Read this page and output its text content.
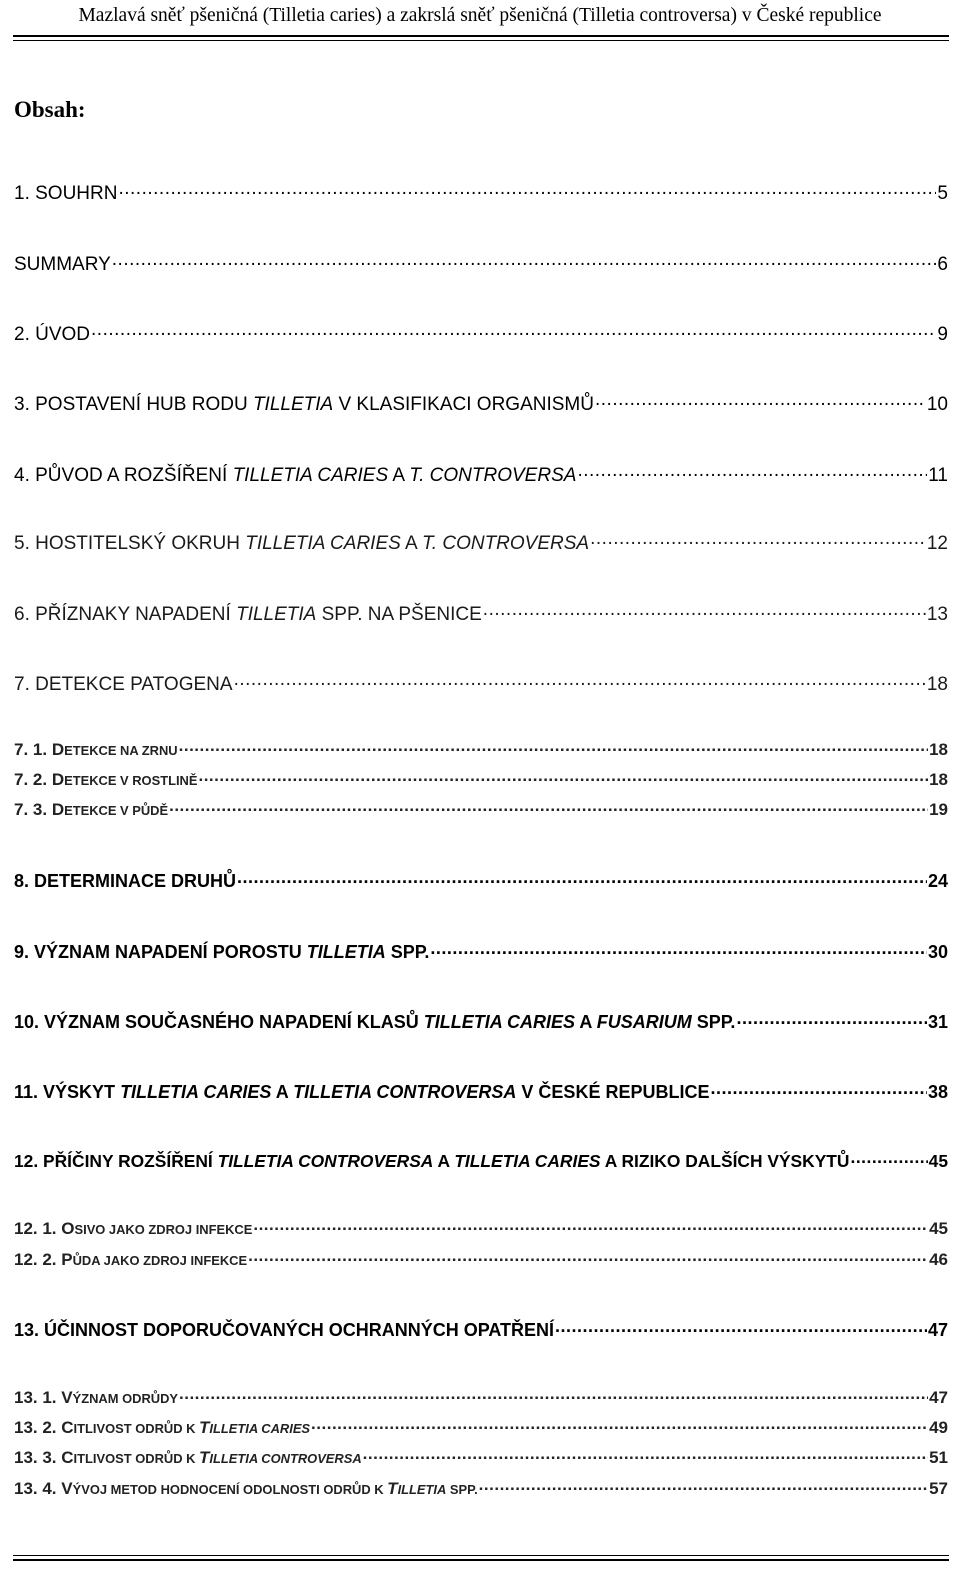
Mazlavá sněť pšeničná (Tilletia caries) a zakrslá sněť pšeničná (Tilletia controversa) v České republice
Obsah:
1. SOUHRN .....	5
SUMMARY .....	6
2. ÚVOD .....	9
3. POSTAVENÍ HUB RODU TILLETIA V KLASIFIKACI ORGANISMŮ .....	10
4. PŮVOD A ROZŠÍŘENÍ TILLETIA CARIES A T. CONTROVERSA .....	11
5. HOSTITELSKÝ OKRUH TILLETIA CARIES A T. CONTROVERSA .....	12
6. PŘÍZNAKY NAPADENÍ TILLETIA SPP. NA PŠENICE .....	13
7. DETEKCE PATOGENA .....	18
7. 1. DETEKCE NA ZRNU .....	18
7. 2. DETEKCE V ROSTLINĚ .....	18
7. 3. DETEKCE V PŮDĚ .....	19
8. DETERMINACE DRUHŮ .....	24
9. VÝZNAM NAPADENÍ POROSTU TILLETIA SPP. .....	30
10. VÝZNAM SOUČASNÉHO NAPADENÍ KLASŮ TILLETIA CARIES A FUSARIUM SPP. .....	31
11. VÝSKYT TILLETIA CARIES A TILLETIA CONTROVERSA V ČESKÉ REPUBLICE .....	38
12. PŘÍČINY ROZŠÍŘENÍ TILLETIA CONTROVERSA A TILLETIA CARIES A RIZIKO DALŠÍCH VÝSKYTŮ .....	45
12. 1. OSIVO JAKO ZDROJ INFEKCE .....	45
12. 2. PŮDA JAKO ZDROJ INFEKCE .....	46
13. ÚČINNOST DOPORUČOVANÝCH OCHRANNÝCH OPATŘENÍ .....	47
13. 1. VÝZNAM ODRŮDY .....	47
13. 2. CITLIVOST ODRŮD K TILLETIA CARIES .....	49
13. 3. CITLIVOST ODRŮD K TILLETIA CONTROVERSA .....	51
13. 4. VÝVOJ METOD HODNOCENÍ ODOLNOSTI ODRŮD K TILLETIA SPP. .....	57
